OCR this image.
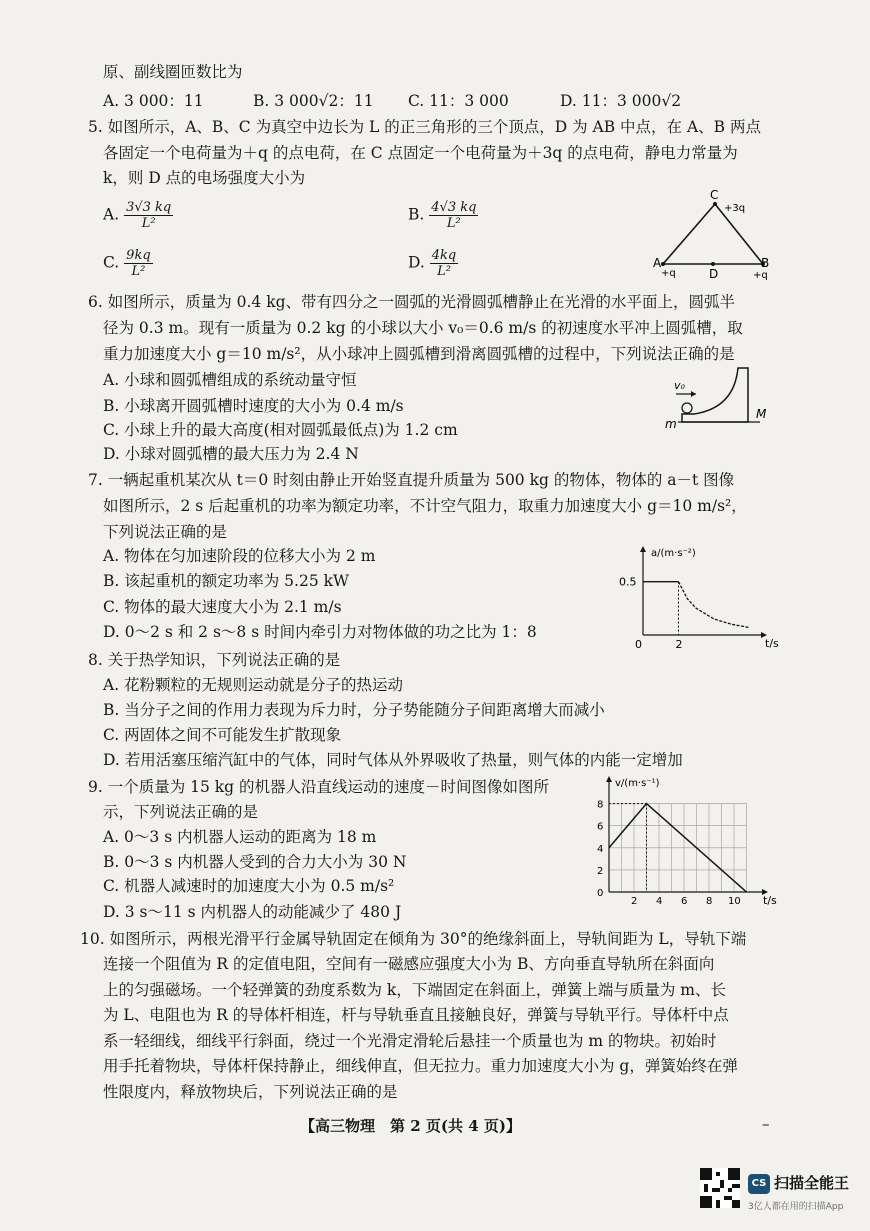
原、副线圈匝数比为
A. 3 000：11	B. 3 000√2：11 C. 11：3 000	D. 11：3 000√2
5. 如图所示，A、B、C 为真空中边长为 L 的正三角形的三个顶点，D 为 AB 中点，在 A、B 两点
各固定一个电荷量为＋q 的点电荷，在 C 点固定一个电荷量为＋3q 的点电荷，静电力常量为
k，则 D 点的电场强度大小为
A. $\frac{3√3 kq}{\text{L²}}$	B. $\frac{4√3 kq}{\text{L²}}$
C. $\frac{9kq}{\text{L²}}$	D. $\frac{4kq}{\text{L²}}$
C
+3q
A
+q	D
B
+q
6. 如图所示，质量为 0.4 kg、带有四分之一圆弧的光滑圆弧槽静止在光滑的水平面上，圆弧半
径为 0.3 m。现有一质量为 0.2 kg 的小球以大小 v₀＝0.6 m/s 的初速度水平冲上圆弧槽，取
重力加速度大小 g＝10 m/s²，从小球冲上圆弧槽到滑离圆弧槽的过程中，下列说法正确的是
A. 小球和圆弧槽组成的系统动量守恒
B. 小球离开圆弧槽时速度的大小为 0.4 m/s
C. 小球上升的最大高度(相对圆弧最低点)为 1.2 cm
D. 小球对圆弧槽的最大压力为 2.4 N
v₀
m
M
7. 一辆起重机某次从 t＝0 时刻由静止开始竖直提升质量为 500 kg 的物体，物体的 a－t 图像
如图所示，2 s 后起重机的功率为额定功率，不计空气阻力，取重力加速度大小 g＝10 m/s²，
下列说法正确的是
A. 物体在匀加速阶段的位移大小为 2 m
B. 该起重机的额定功率为 5.25 kW
C. 物体的最大速度大小为 2.1 m/s
D. 0～2 s 和 2 s～8 s 时间内牵引力对物体做的功之比为 1：8
a/(m·s⁻²)
t/s
0.5
0	2
8. 关于热学知识，下列说法正确的是
A. 花粉颗粒的无规则运动就是分子的热运动
B. 当分子之间的作用力表现为斥力时，分子势能随分子间距离增大而减小
C. 两固体之间不可能发生扩散现象
D. 若用活塞压缩汽缸中的气体，同时气体从外界吸收了热量，则气体的内能一定增加
9. 一个质量为 15 kg 的机器人沿直线运动的速度－时间图像如图所
示，下列说法正确的是
A. 0～3 s 内机器人运动的距离为 18 m
B. 0～3 s 内机器人受到的合力大小为 30 N
C. 机器人减速时的加速度大小为 0.5 m/s²
D. 3 s～11 s 内机器人的动能减少了 480 J
v/(m·s⁻¹)
t/s
0
2
4
6
8
2 4 6 8 10
10. 如图所示，两根光滑平行金属导轨固定在倾角为 30°的绝缘斜面上，导轨间距为 L，导轨下端
连接一个阻值为 R 的定值电阻，空间有一磁感应强度大小为 B、方向垂直导轨所在斜面向
上的匀强磁场。一个轻弹簧的劲度系数为 k，下端固定在斜面上，弹簧上端与质量为 m、长
为 L、电阻也为 R 的导体杆相连，杆与导轨垂直且接触良好，弹簧与导轨平行。导体杆中点
系一轻细线，细线平行斜面，绕过一个光滑定滑轮后悬挂一个质量也为 m 的物块。初始时
用手托着物块，导体杆保持静止，细线伸直，但无拉力。重力加速度大小为 g，弹簧始终在弹
性限度内，释放物块后，下列说法正确的是
【高三物理　第 2 页(共 4 页)】	–
CS 扫描全能王
3亿人都在用的扫描App
